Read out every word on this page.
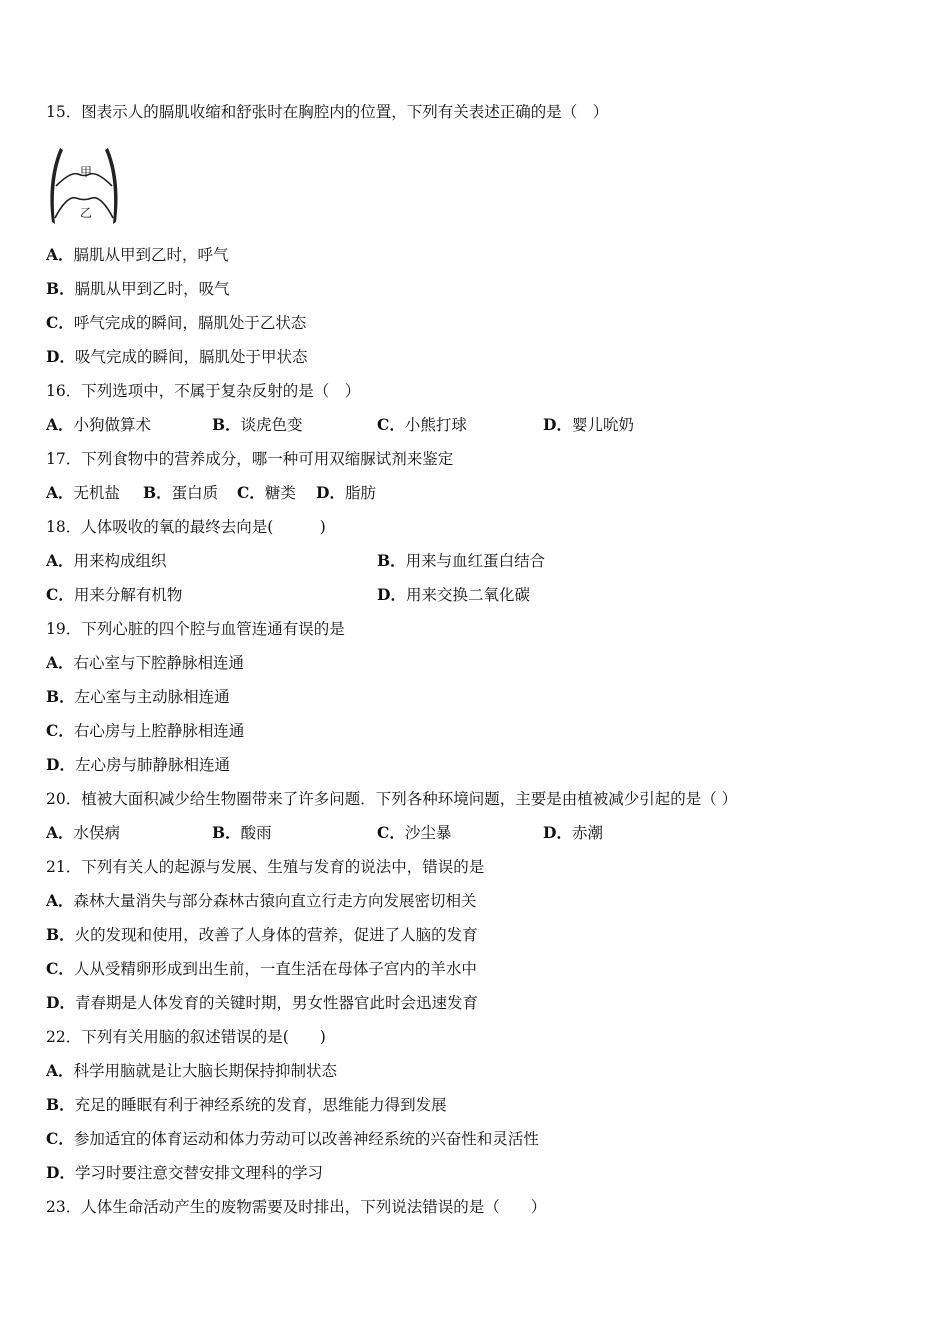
15．图表示人的膈肌收缩和舒张时在胸腔内的位置，下列有关表述正确的是（　）
甲
乙
A．膈肌从甲到乙时，呼气
B．膈肌从甲到乙时，吸气
C．呼气完成的瞬间，膈肌处于乙状态
D．吸气完成的瞬间，膈肌处于甲状态
16．下列选项中，不属于复杂反射的是（　）
A．小狗做算术	B．谈虎色变	C．小熊打球	D．婴儿吮奶
17．下列食物中的营养成分，哪一种可用双缩脲试剂来鉴定
A．无机盐 B．蛋白质 C．糖类 D．脂肪
18．人体吸收的氧的最终去向是(　　　)
A．用来构成组织	B．用来与血红蛋白结合
C．用来分解有机物	D．用来交换二氧化碳
19．下列心脏的四个腔与血管连通有误的是
A．右心室与下腔静脉相连通
B．左心室与主动脉相连通
C．右心房与上腔静脉相连通
D．左心房与肺静脉相连通
20．植被大面积减少给生物圈带来了许多问题．下列各种环境问题，主要是由植被减少引起的是（ ）
A．水俣病	B．酸雨	C．沙尘暴	D．赤潮
21．下列有关人的起源与发展、生殖与发育的说法中，错误的是
A．森林大量消失与部分森林古猿向直立行走方向发展密切相关
B．火的发现和使用，改善了人身体的营养，促进了人脑的发育
C．人从受精卵形成到出生前，一直生活在母体子宫内的羊水中
D．青春期是人体发育的关键时期，男女性器官此时会迅速发育
22．下列有关用脑的叙述错误的是(　　)
A．科学用脑就是让大脑长期保持抑制状态
B．充足的睡眠有利于神经系统的发育，思维能力得到发展
C．参加适宜的体育运动和体力劳动可以改善神经系统的兴奋性和灵活性
D．学习时要注意交替安排文理科的学习
23．人体生命活动产生的废物需要及时排出，下列说法错误的是（　　）
